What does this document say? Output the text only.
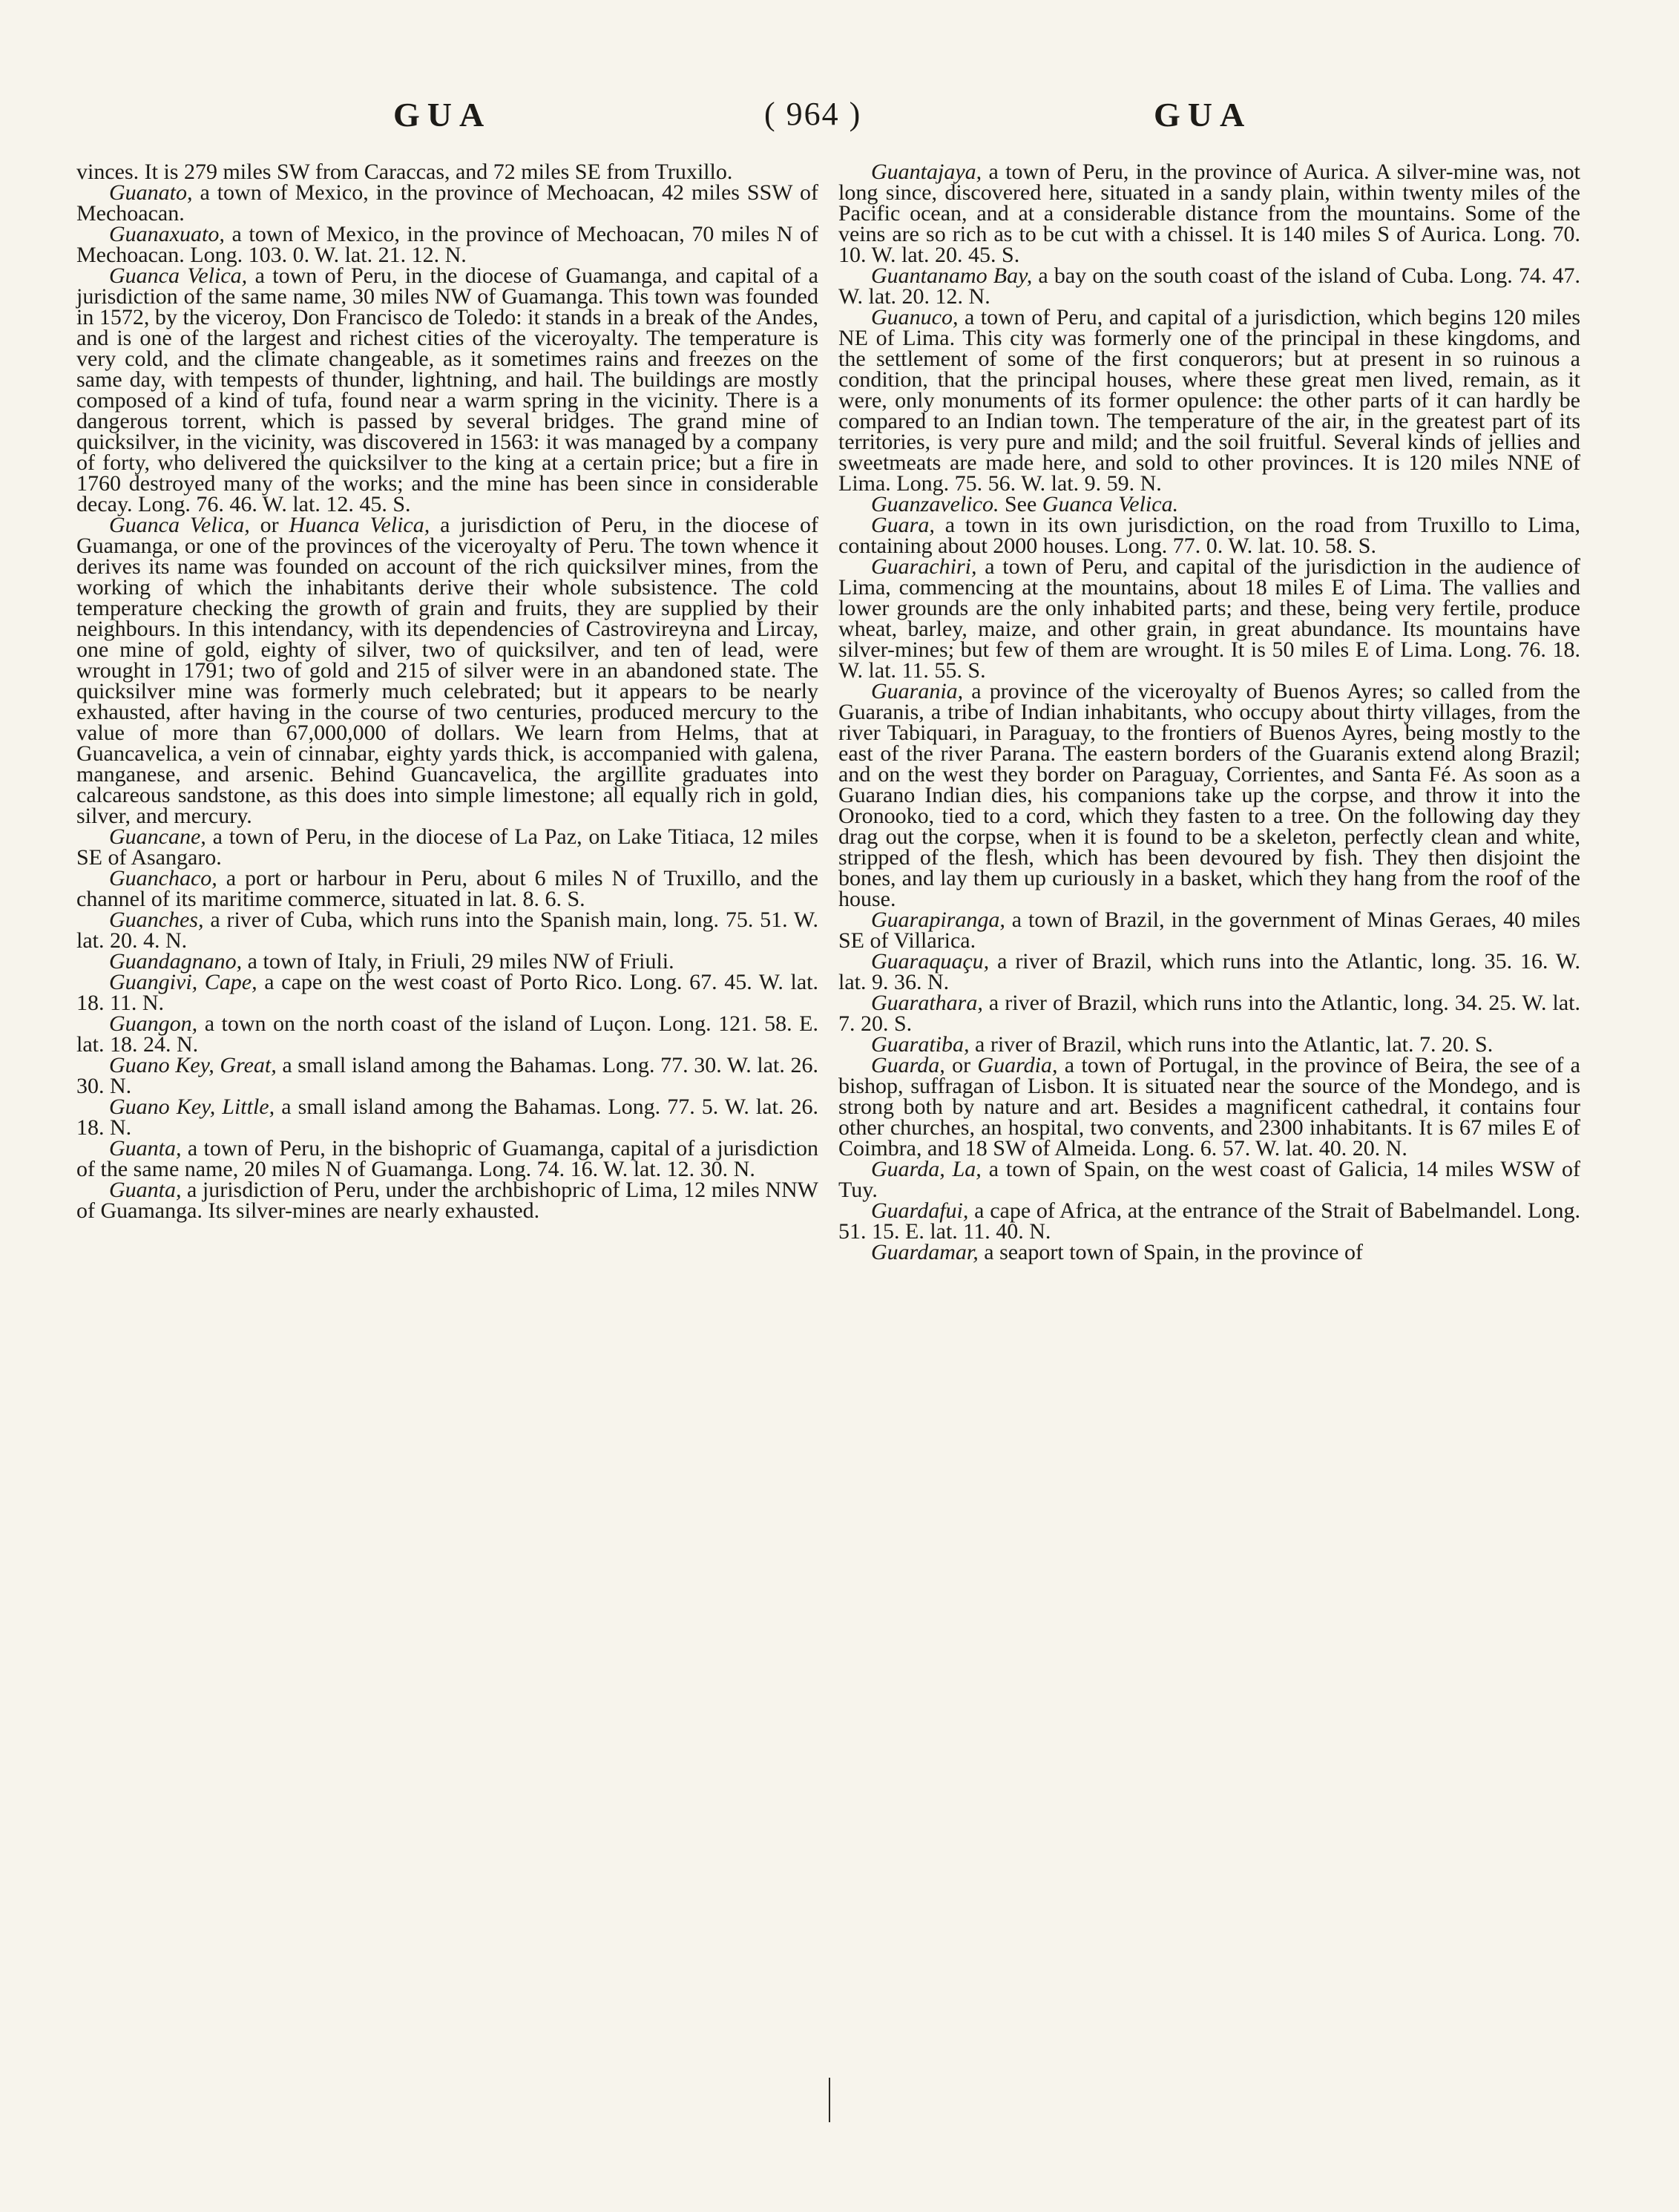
GUA	( 964 )	GUA

vinces. It is 279 miles SW from Caraccas, and 72 miles SE from Truxillo.

Guanato, a town of Mexico, in the province of Mechoacan, 42 miles SSW of Mechoacan.

Guanaxuato, a town of Mexico, in the province of Mechoacan, 70 miles N of Mechoacan. Long. 103. 0. W. lat. 21. 12. N.

Guanca Velica, a town of Peru, in the diocese of Guamanga, and capital of a jurisdiction of the same name, 30 miles NW of Guamanga. This town was founded in 1572, by the viceroy, Don Francisco de Toledo: it stands in a break of the Andes, and is one of the largest and richest cities of the viceroyalty. The temperature is very cold, and the climate changeable, as it sometimes rains and freezes on the same day, with tempests of thunder, lightning, and hail. The buildings are mostly composed of a kind of tufa, found near a warm spring in the vicinity. There is a dangerous torrent, which is passed by several bridges. The grand mine of quicksilver, in the vicinity, was discovered in 1563: it was managed by a company of forty, who delivered the quicksilver to the king at a certain price; but a fire in 1760 destroyed many of the works; and the mine has been since in considerable decay. Long. 76. 46. W. lat. 12. 45. S.

Guanca Velica, or Huanca Velica, a jurisdiction of Peru, in the diocese of Guamanga, or one of the provinces of the viceroyalty of Peru. The town whence it derives its name was founded on account of the rich quicksilver mines, from the working of which the inhabitants derive their whole subsistence. The cold temperature checking the growth of grain and fruits, they are supplied by their neighbours. In this intendancy, with its dependencies of Castrovireyna and Lircay, one mine of gold, eighty of silver, two of quicksilver, and ten of lead, were wrought in 1791; two of gold and 215 of silver were in an abandoned state. The quicksilver mine was formerly much celebrated; but it appears to be nearly exhausted, after having in the course of two centuries, produced mercury to the value of more than 67,000,000 of dollars. We learn from Helms, that at Guancavelica, a vein of cinnabar, eighty yards thick, is accompanied with galena, manganese, and arsenic. Behind Guancavelica, the argillite graduates into calcareous sandstone, as this does into simple limestone; all equally rich in gold, silver, and mercury.

Guancane, a town of Peru, in the diocese of La Paz, on Lake Titiaca, 12 miles SE of Asangaro.

Guanchaco, a port or harbour in Peru, about 6 miles N of Truxillo, and the channel of its maritime commerce, situated in lat. 8. 6. S.

Guanches, a river of Cuba, which runs into the Spanish main, long. 75. 51. W. lat. 20. 4. N.

Guandagnano, a town of Italy, in Friuli, 29 miles NW of Friuli.

Guangivi, Cape, a cape on the west coast of Porto Rico. Long. 67. 45. W. lat. 18. 11. N.

Guangon, a town on the north coast of the island of Luçon. Long. 121. 58. E. lat. 18. 24. N.

Guano Key, Great, a small island among the Bahamas. Long. 77. 30. W. lat. 26. 30. N.

Guano Key, Little, a small island among the Bahamas. Long. 77. 5. W. lat. 26. 18. N.

Guanta, a town of Peru, in the bishopric of Guamanga, capital of a jurisdiction of the same name, 20 miles N of Guamanga. Long. 74. 16. W. lat. 12. 30. N.

Guanta, a jurisdiction of Peru, under the archbishopric of Lima, 12 miles NNW of Guamanga. Its silver-mines are nearly exhausted.

Guantajaya, a town of Peru, in the province of Aurica. A silver-mine was, not long since, discovered here, situated in a sandy plain, within twenty miles of the Pacific ocean, and at a considerable distance from the mountains. Some of the veins are so rich as to be cut with a chissel. It is 140 miles S of Aurica. Long. 70. 10. W. lat. 20. 45. S.

Guantanamo Bay, a bay on the south coast of the island of Cuba. Long. 74. 47. W. lat. 20. 12. N.

Guanuco, a town of Peru, and capital of a jurisdiction, which begins 120 miles NE of Lima. This city was formerly one of the principal in these kingdoms, and the settlement of some of the first conquerors; but at present in so ruinous a condition, that the principal houses, where these great men lived, remain, as it were, only monuments of its former opulence: the other parts of it can hardly be compared to an Indian town. The temperature of the air, in the greatest part of its territories, is very pure and mild; and the soil fruitful. Several kinds of jellies and sweetmeats are made here, and sold to other provinces. It is 120 miles NNE of Lima. Long. 75. 56. W. lat. 9. 59. N.

Guanzavelico. See Guanca Velica.

Guara, a town in its own jurisdiction, on the road from Truxillo to Lima, containing about 2000 houses. Long. 77. 0. W. lat. 10. 58. S.

Guarachiri, a town of Peru, and capital of the jurisdiction in the audience of Lima, commencing at the mountains, about 18 miles E of Lima. The vallies and lower grounds are the only inhabited parts; and these, being very fertile, produce wheat, barley, maize, and other grain, in great abundance. Its mountains have silver-mines; but few of them are wrought. It is 50 miles E of Lima. Long. 76. 18. W. lat. 11. 55. S.

Guarania, a province of the viceroyalty of Buenos Ayres; so called from the Guaranis, a tribe of Indian inhabitants, who occupy about thirty villages, from the river Tabiquari, in Paraguay, to the frontiers of Buenos Ayres, being mostly to the east of the river Parana. The eastern borders of the Guaranis extend along Brazil; and on the west they border on Paraguay, Corrientes, and Santa Fé. As soon as a Guarano Indian dies, his companions take up the corpse, and throw it into the Oronooko, tied to a cord, which they fasten to a tree. On the following day they drag out the corpse, when it is found to be a skeleton, perfectly clean and white, stripped of the flesh, which has been devoured by fish. They then disjoint the bones, and lay them up curiously in a basket, which they hang from the roof of the house.

Guarapiranga, a town of Brazil, in the government of Minas Geraes, 40 miles SE of Villarica.

Guaraquaçu, a river of Brazil, which runs into the Atlantic, long. 35. 16. W. lat. 9. 36. N.

Guarathara, a river of Brazil, which runs into the Atlantic, long. 34. 25. W. lat. 7. 20. S.

Guaratiba, a river of Brazil, which runs into the Atlantic, lat. 7. 20. S.

Guarda, or Guardia, a town of Portugal, in the province of Beira, the see of a bishop, suffragan of Lisbon. It is situated near the source of the Mondego, and is strong both by nature and art. Besides a magnificent cathedral, it contains four other churches, an hospital, two convents, and 2300 inhabitants. It is 67 miles E of Coimbra, and 18 SW of Almeida. Long. 6. 57. W. lat. 40. 20. N.

Guarda, La, a town of Spain, on the west coast of Galicia, 14 miles WSW of Tuy.

Guardafui, a cape of Africa, at the entrance of the Strait of Babelmandel. Long. 51. 15. E. lat. 11. 40. N.

Guardamar, a seaport town of Spain, in the province of
